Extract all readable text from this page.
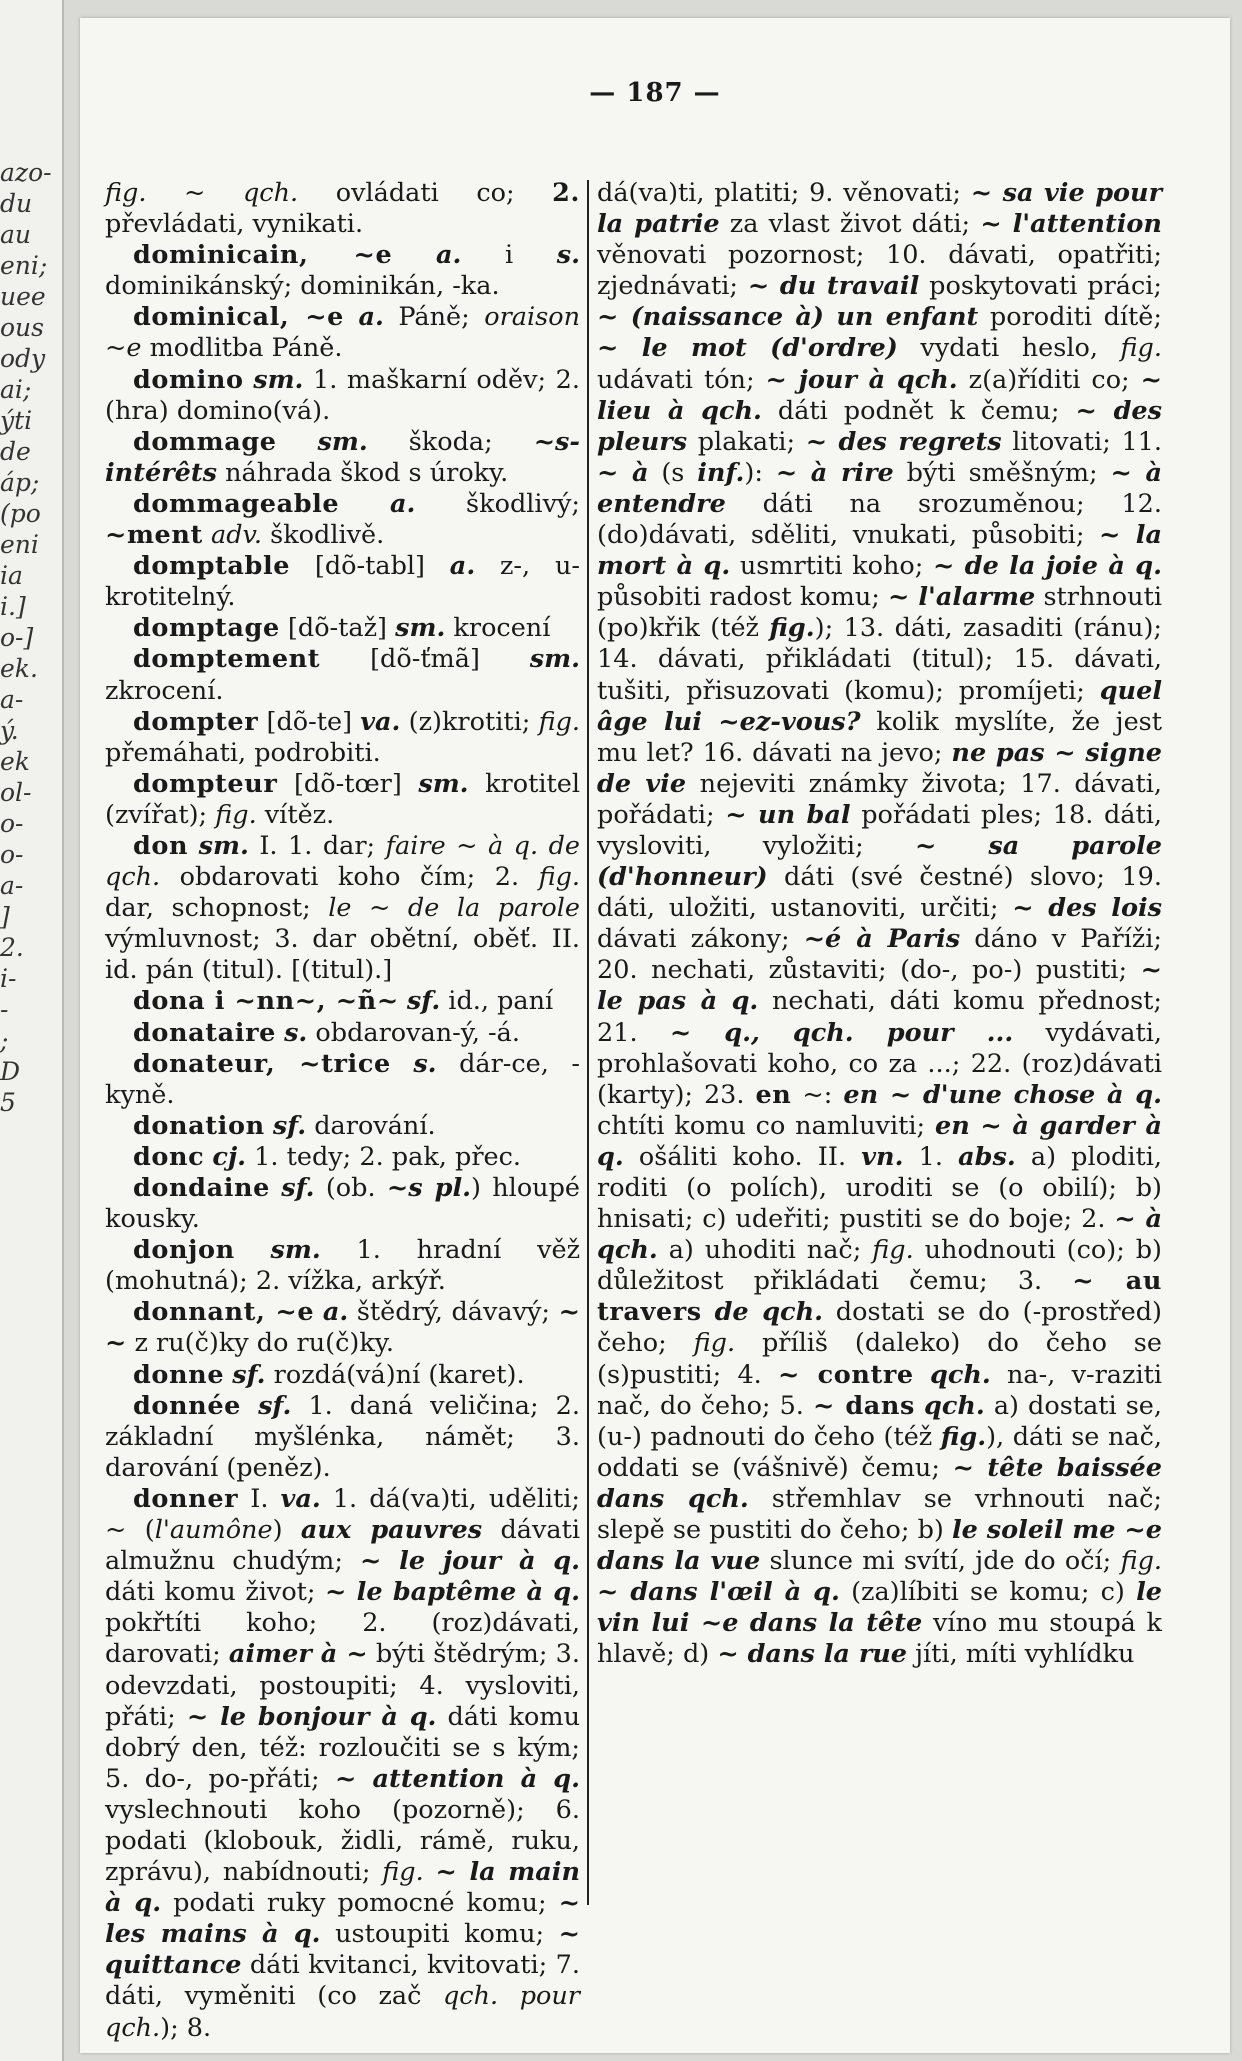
azo-
du
au
eni;
uee
ous
ody
ai;
ýti
de
áp;
(po
eni
ia
i.]
o-]
ek.
a-
ý.
ek
ol-
o-
o-
a-
]
2.
i-
-
;
D
5
— 187 —

fig. ~ qch. ovládati co; 2. převládati, vynikati.

dominicain, ~e a. i s. dominikánský; dominikán, -ka.

dominical, ~e a. Páně; oraison ~e modlitba Páně.

domino sm. 1. maškarní oděv; 2. (hra) domino(vá).

dommage sm. škoda; ~s-intérêts náhrada škod s úroky.

dommageable a. škodlivý; ~ment adv. škodlivě.

domptable [dõ-tabl] a. z-, u-krotitelný.

domptage [dõ-taž] sm. krocení

domptement [dõ-ťmã] sm. zkrocení.

dompter [dõ-te] va. (z)krotiti; fig. přemáhati, podrobiti.

dompteur [dõ-tœr] sm. krotitel (zvířat); fig. vítěz.

don sm. I. 1. dar; faire ~ à q. de qch. obdarovati koho čím; 2. fig. dar, schopnost; le ~ de la parole výmluvnost; 3. dar obětní, oběť. II. id. pán (titul). [(titul).]

dona i ~nn~, ~ñ~ sf. id., paní

donataire s. obdarovan-ý, -á.

donateur, ~trice s. dár-ce, -kyně.

donation sf. darování.

donc cj. 1. tedy; 2. pak, přec.

dondaine sf. (ob. ~s pl.) hloupé kousky.

donjon sm. 1. hradní věž (mohutná); 2. vížka, arkýř.

donnant, ~e a. štědrý, dávavý; ~ ~ z ru(č)ky do ru(č)ky.

donne sf. rozdá(vá)ní (karet).

donnée sf. 1. daná veličina; 2. základní myšlénka, námět; 3. darování (peněz).

donner I. va. 1. dá(va)ti, uděliti; ~ (l'aumône) aux pauvres dávati almužnu chudým; ~ le jour à q. dáti komu život; ~ le baptême à q. pokřtíti koho; 2. (roz)dávati, darovati; aimer à ~ býti štědrým; 3. odevzdati, postoupiti; 4. vysloviti, přáti; ~ le bonjour à q. dáti komu dobrý den, též: rozloučiti se s kým; 5. do-, po-přáti; ~ attention à q. vyslechnouti koho (pozorně); 6. podati (klobouk, židli, rámě, ruku, zprávu), nabídnouti; fig. ~ la main à q. podati ruky pomocné komu; ~ les mains à q. ustoupiti komu; ~ quittance dáti kvitanci, kvitovati; 7. dáti, vyměniti (co zač qch. pour qch.); 8.

dá(va)ti, platiti; 9. věnovati; ~ sa vie pour la patrie za vlast život dáti; ~ l'attention věnovati pozornost; 10. dávati, opatřiti; zjednávati; ~ du travail poskytovati práci; ~ (naissance à) un enfant poroditi dítě; ~ le mot (d'ordre) vydati heslo, fig. udávati tón; ~ jour à qch. z(a)říditi co; ~ lieu à qch. dáti podnět k čemu; ~ des pleurs plakati; ~ des regrets litovati; 11. ~ à (s inf.): ~ à rire býti směšným; ~ à entendre dáti na srozuměnou; 12. (do)dávati, sděliti, vnukati, působiti; ~ la mort à q. usmrtiti koho; ~ de la joie à q. působiti radost komu; ~ l'alarme strhnouti (po)křik (též fig.); 13. dáti, zasaditi (ránu); 14. dávati, přikládati (titul); 15. dávati, tušiti, přisuzovati (komu); promíjeti; quel âge lui ~ez-vous? kolik myslíte, že jest mu let? 16. dávati na jevo; ne pas ~ signe de vie nejeviti známky života; 17. dávati, pořádati; ~ un bal pořádati ples; 18. dáti, vysloviti, vyložiti; ~ sa parole (d'honneur) dáti (své čestné) slovo; 19. dáti, uložiti, ustanoviti, určiti; ~ des lois dávati zákony; ~é à Paris dáno v Paříži; 20. nechati, zůstaviti; (do-, po-) pustiti; ~ le pas à q. nechati, dáti komu přednost; 21. ~ q., qch. pour ... vydávati, prohlašovati koho, co za ...; 22. (roz)dávati (karty); 23. en ~: en ~ d'une chose à q. chtíti komu co namluviti; en ~ à garder à q. ošáliti koho. II. vn. 1. abs. a) ploditi, roditi (o polích), uroditi se (o obilí); b) hnisati; c) udeřiti; pustiti se do boje; 2. ~ à qch. a) uhoditi nač; fig. uhodnouti (co); b) důležitost přikládati čemu; 3. ~ au travers de qch. dostati se do (-prostřed) čeho; fig. příliš (daleko) do čeho se (s)pustiti; 4. ~ contre qch. na-, v-raziti nač, do čeho; 5. ~ dans qch. a) dostati se, (u-) padnouti do čeho (též fig.), dáti se nač, oddati se (vášnivě) čemu; ~ tête baissée dans qch. střemhlav se vrhnouti nač; slepě se pustiti do čeho; b) le soleil me ~e dans la vue slunce mi svítí, jde do očí; fig. ~ dans l'œil à q. (za)líbiti se komu; c) le vin lui ~e dans la tête víno mu stoupá k hlavě; d) ~ dans la rue jíti, míti vyhlídku
